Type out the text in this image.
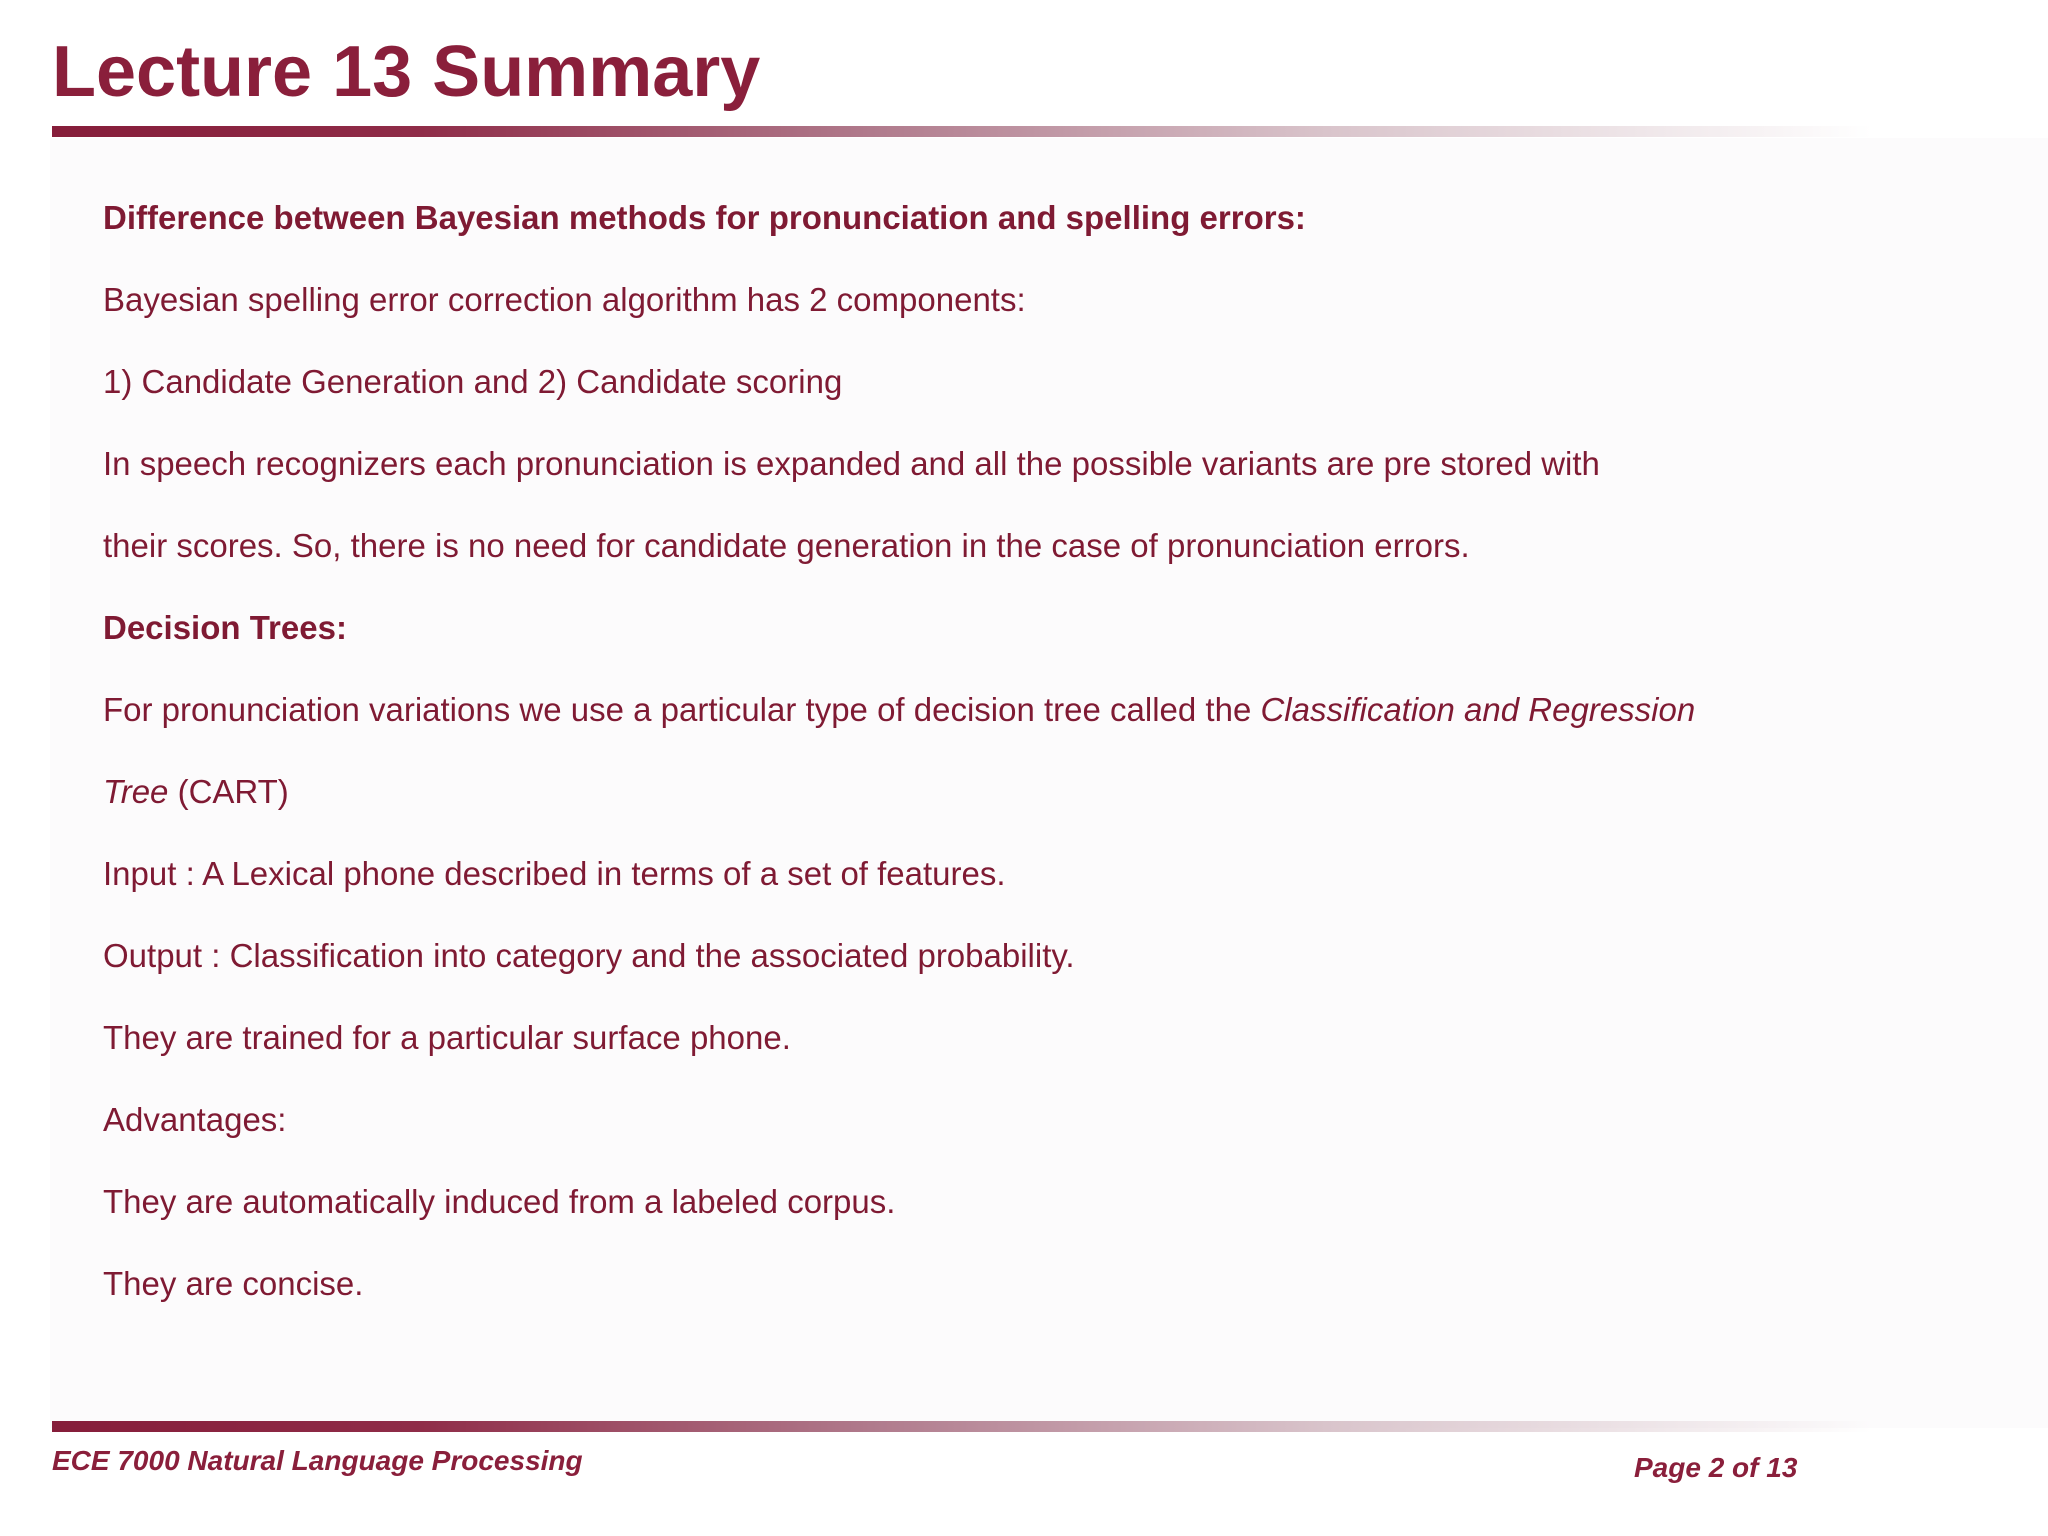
Lecture 13 Summary
Difference between Bayesian methods for pronunciation and spelling errors:
Bayesian spelling error correction algorithm has 2 components:
1) Candidate Generation and 2) Candidate scoring
In speech recognizers each pronunciation is expanded and all the possible variants are pre stored with
their scores. So, there is no need for candidate generation in the case of pronunciation errors.
Decision Trees:
For pronunciation variations we use a particular type of decision tree called the Classification and Regression
Tree (CART)
Input : A Lexical phone described in terms of a set of features.
Output : Classification into category and the associated probability.
They are trained for a particular surface phone.
Advantages:
They are automatically induced from a labeled corpus.
They are concise.
ECE 7000 Natural Language Processing	Page 2 of 13
